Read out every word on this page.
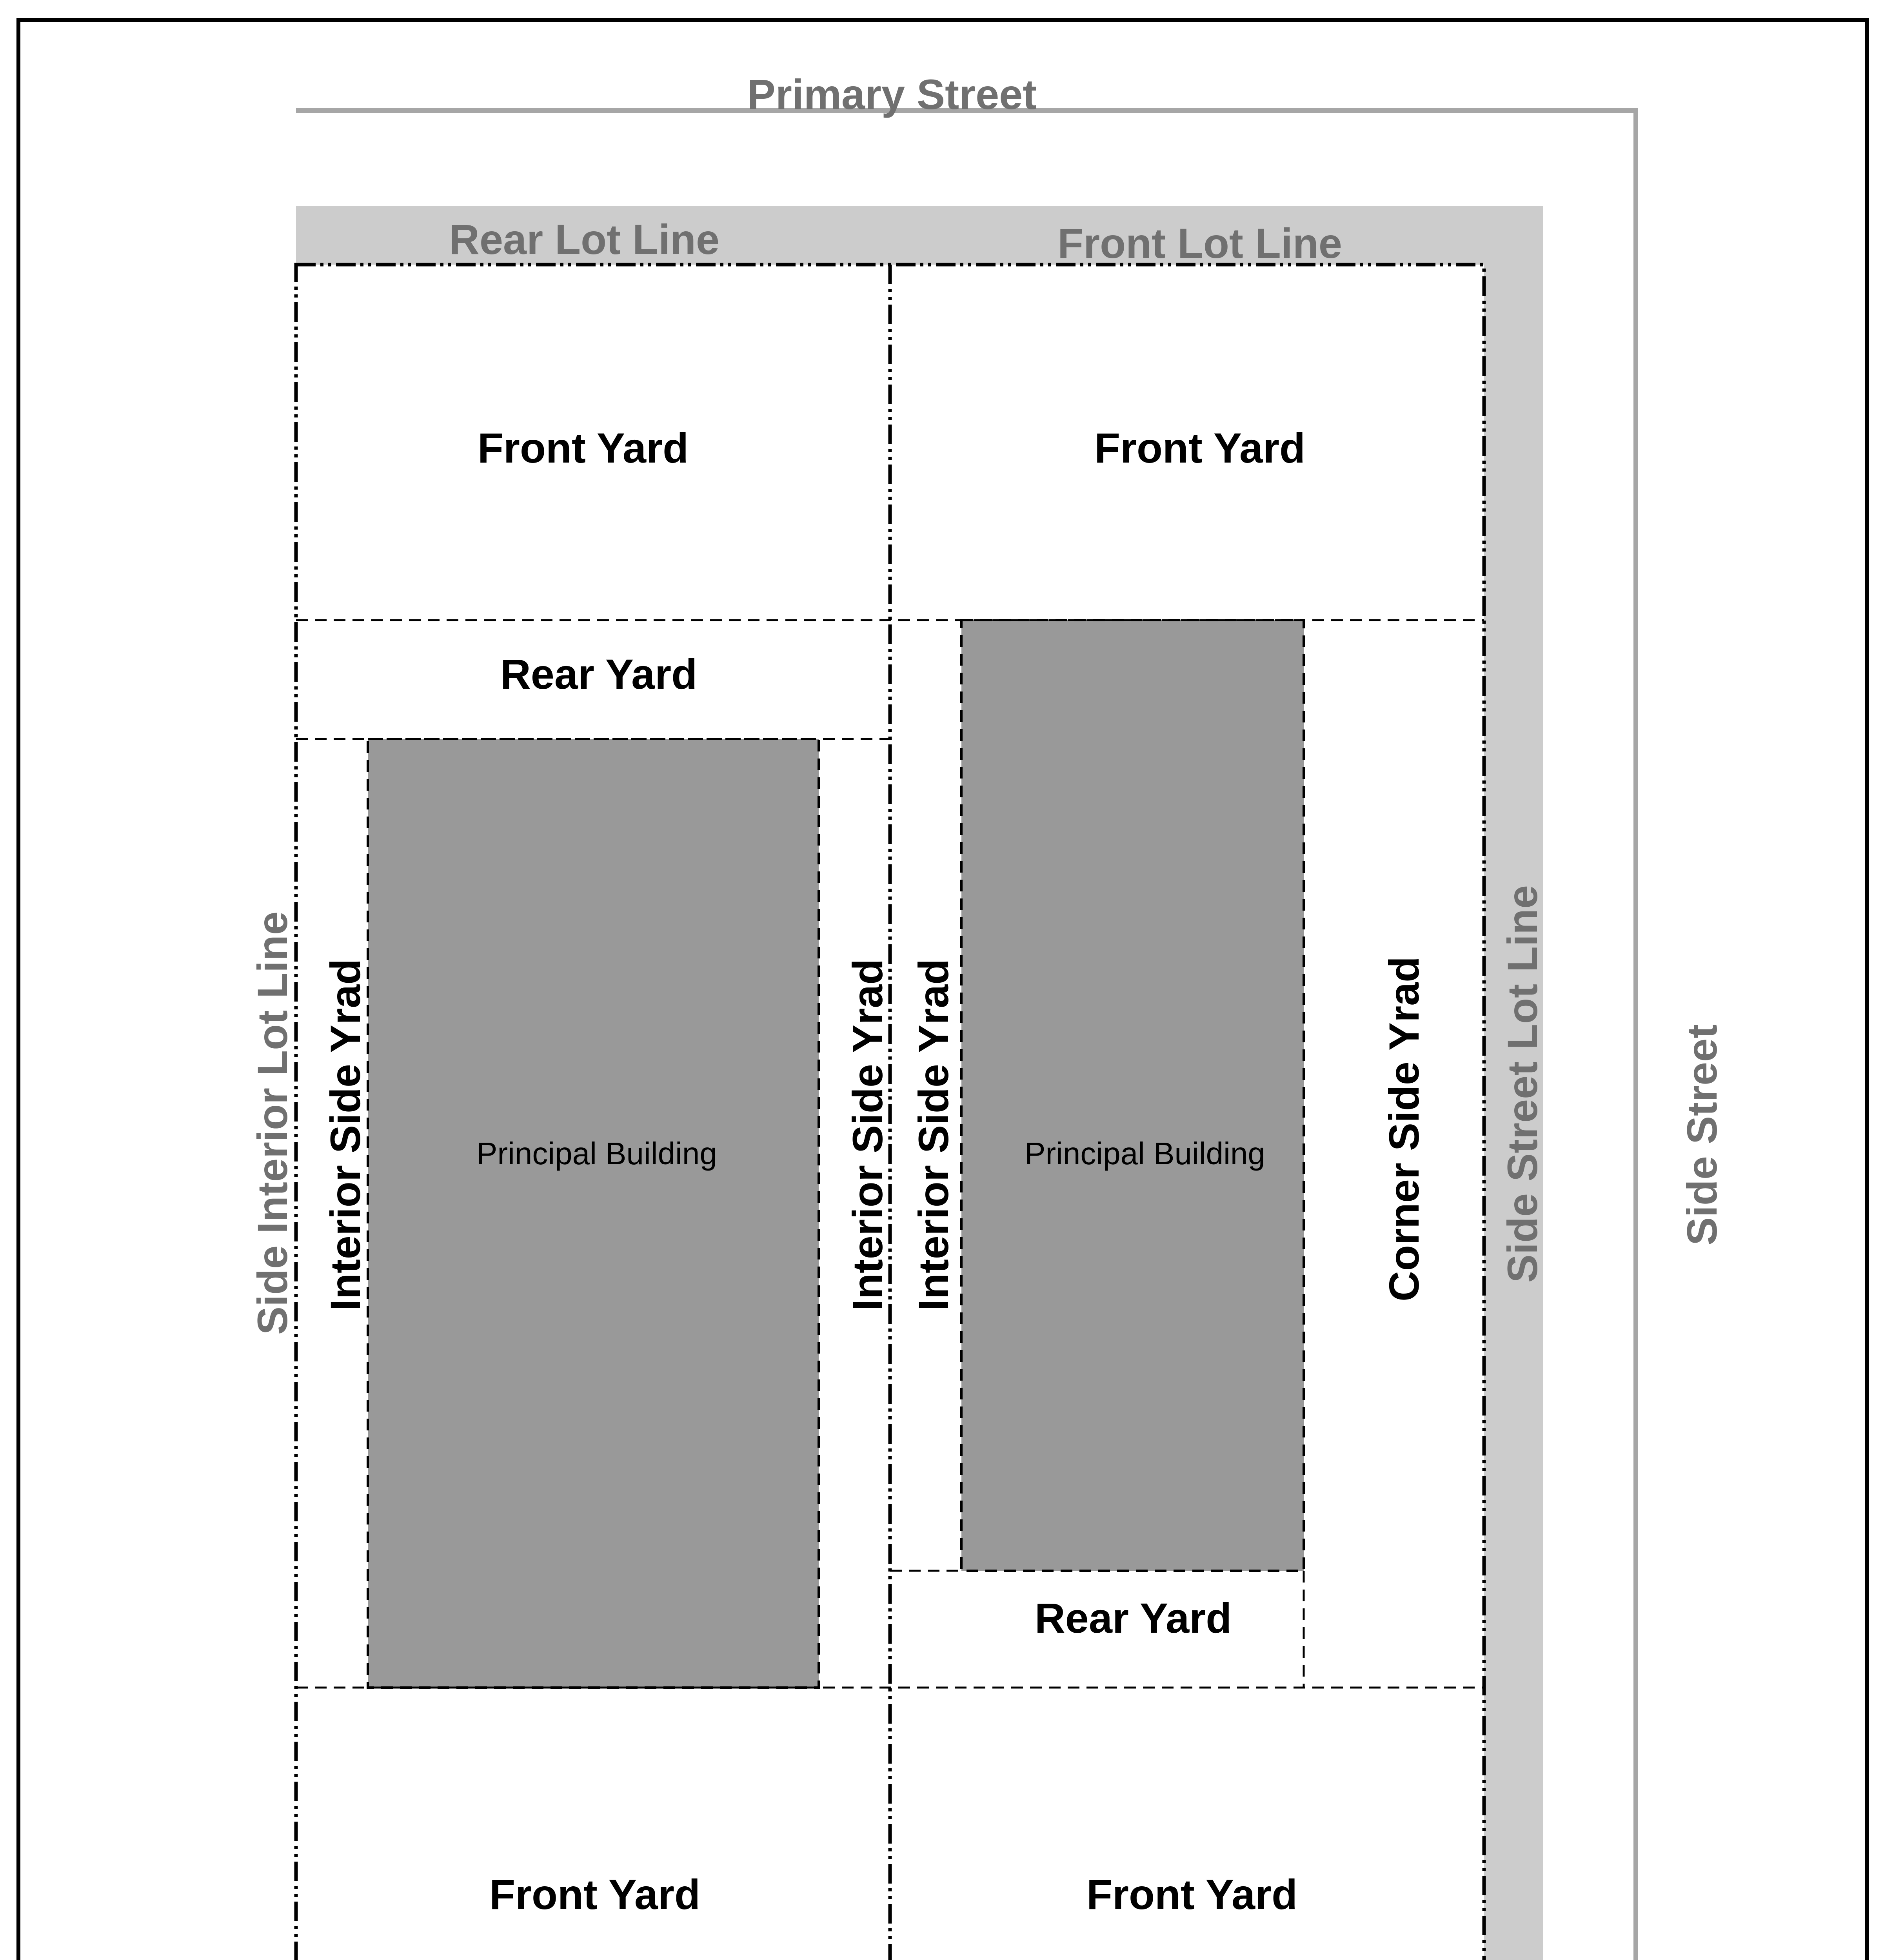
Primary Street
Side Street
Rear Lot Line	Front Lot Line
Side Interior Lot Line	Side Street Lot Line
Front Yard
Rear Yard
Interior Side Yrad	Principal Building	Interior Side Yrad
Front Yard
Front Yard
Interior Side Yrad Principal Building	Corner Side Yrad
Rear Yard
Front Yard
